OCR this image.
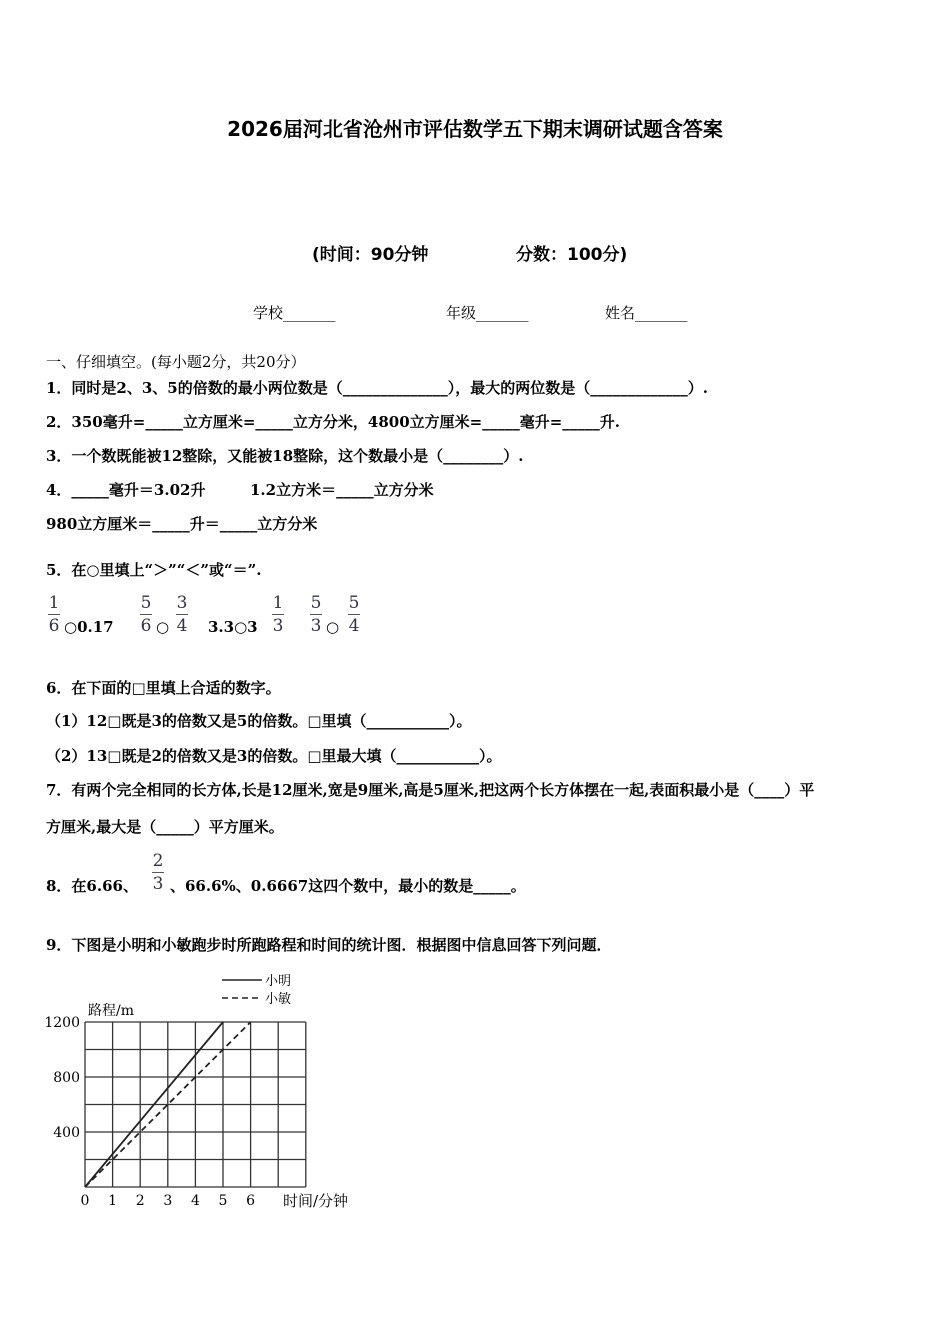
2026届河北省沧州市评估数学五下期末调研试题含答案
(时间：90分钟	分数：100分)
学校_______	年级_______	姓名_______
一、仔细填空。(每小题2分，共20分）
1．同时是2、3、5的倍数的最小两位数是（______________），最大的两位数是（_____________）.
2．350毫升=_____立方厘米=_____立方分米，4800立方厘米=_____毫升=_____升.
3．一个数既能被12整除，又能被18整除，这个数最小是（________）.
4．_____毫升＝3.02升	1.2立方米＝_____立方分米
980立方厘米＝_____升＝_____立方分米
5．在○里填上“＞”“＜”或“＝”.
1
6 ○0.17
5
6 ○
3
4 3.3○3
1
3
5
3 ○
5
4
6．在下面的□里填上合适的数字。
（1）12□既是3的倍数又是5的倍数。□里填（___________）。
（2）13□既是2的倍数又是3的倍数。□里最大填（___________）。
7．有两个完全相同的长方体,长是12厘米,宽是9厘米,高是5厘米,把这两个长方体摆在一起,表面积最小是（____）平
方厘米,最大是（_____）平方厘米。
8．在6.66、
2
3 、66.6%、0.6667这四个数中，最小的数是_____。
9．下图是小明和小敏跑步时所跑路程和时间的统计图．根据图中信息回答下列问题．
0 1 2 3 4 5 6
400
800
1200
路程/m
时间/分钟
小明
小敏
